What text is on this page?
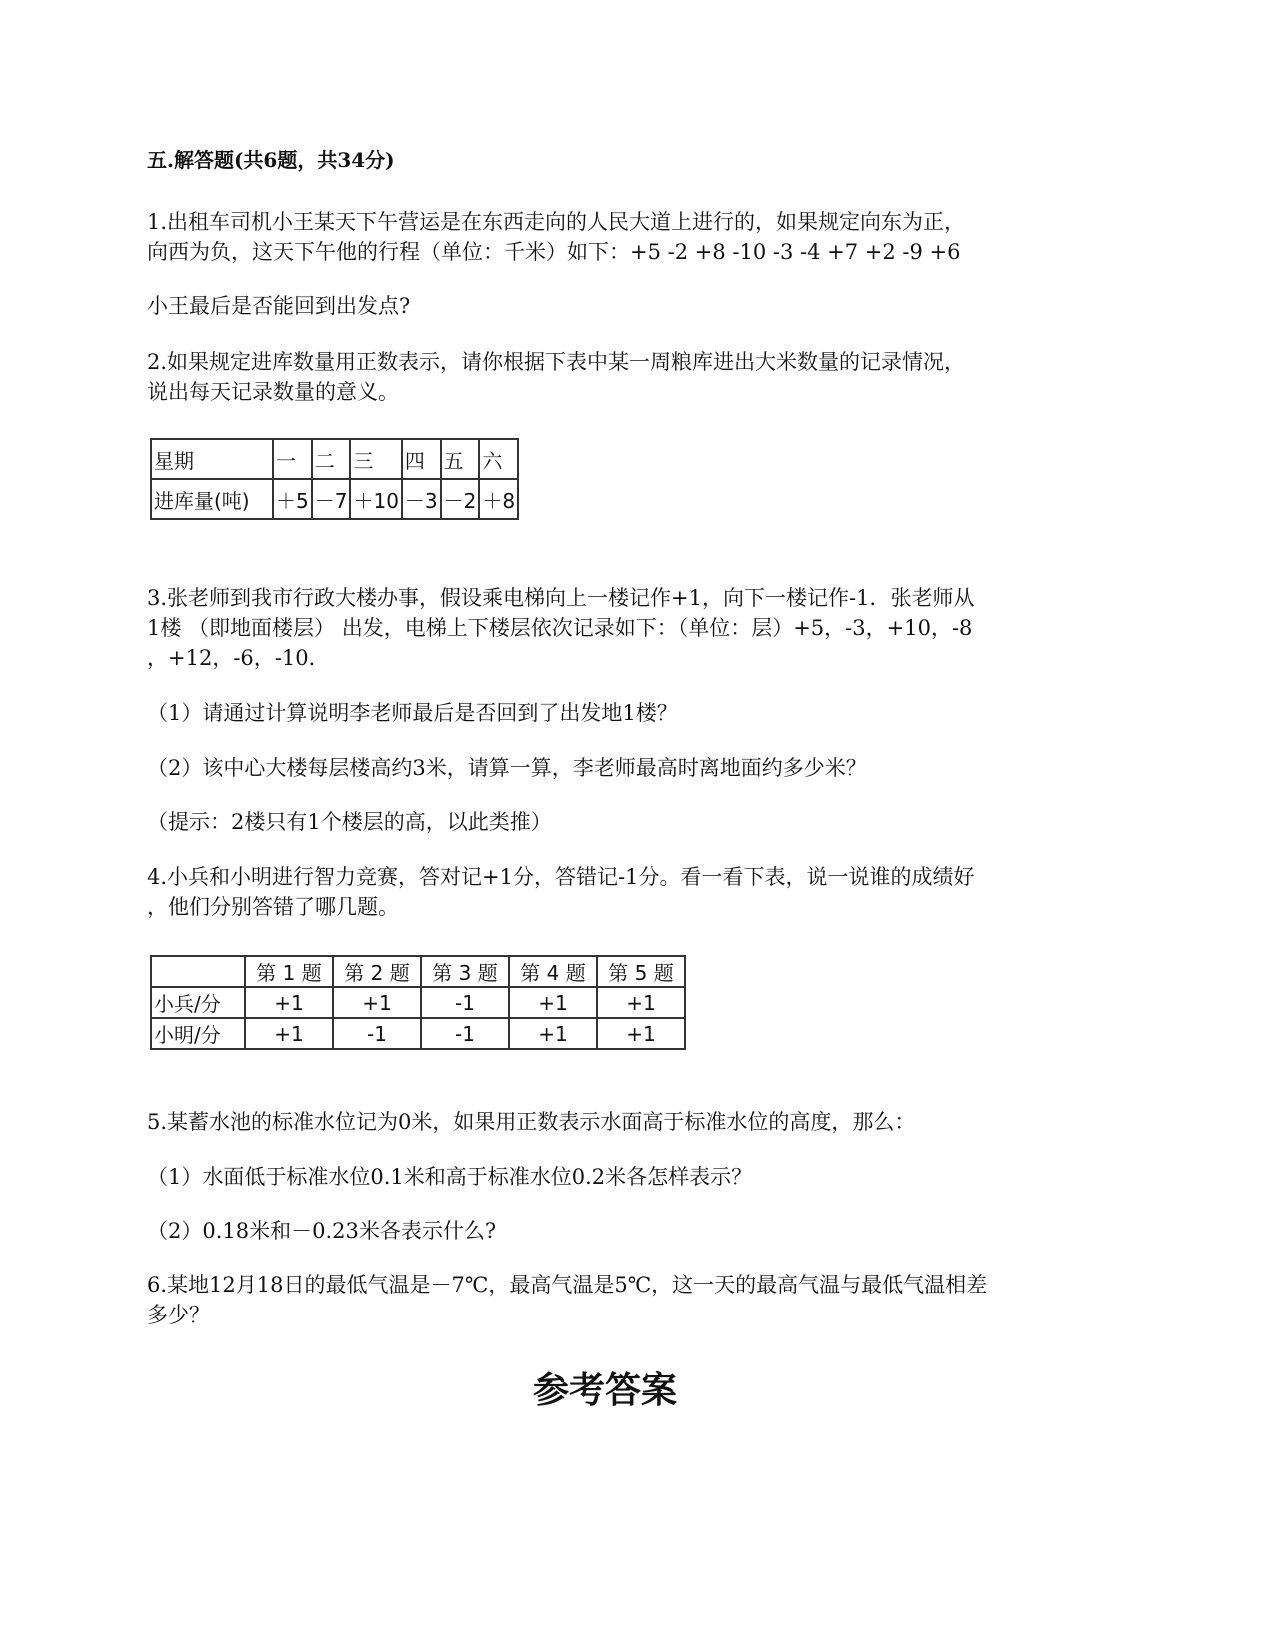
五.解答题(共6题，共34分)
1.出租车司机小王某天下午营运是在东西走向的人民大道上进行的，如果规定向东为正，
向西为负，这天下午他的行程（单位：千米）如下：+5 -2 +8 -10 -3 -4 +7 +2 -9 +6
小王最后是否能回到出发点?
2.如果规定进库数量用正数表示，请你根据下表中某一周粮库进出大米数量的记录情况，
说出每天记录数量的意义。
星期	一	二	三	四	五	六
进库量(吨)	＋5	－7	＋10	－3	－2	＋8
3.张老师到我市行政大楼办事，假设乘电梯向上一楼记作+1，向下一楼记作-1．张老师从
1楼 （即地面楼层） 出发，电梯上下楼层依次记录如下：（单位：层）+5，-3，+10，-8
，+12，-6，-10．
（1）请通过计算说明李老师最后是否回到了出发地1楼？
（2）该中心大楼每层楼高约3米，请算一算，李老师最高时离地面约多少米？
（提示：2楼只有1个楼层的高，以此类推）
4.小兵和小明进行智力竞赛，答对记+1分，答错记-1分。看一看下表，说一说谁的成绩好
，他们分别答错了哪几题。
	第 1 题	第 2 题	第 3 题	第 4 题	第 5 题
小兵/分	+1	+1	-1	+1	+1
小明/分	+1	-1	-1	+1	+1
5.某蓄水池的标准水位记为0米，如果用正数表示水面高于标准水位的高度，那么：
（1）水面低于标准水位0.1米和高于标准水位0.2米各怎样表示？
（2）0.18米和－0.23米各表示什么?
6.某地12月18日的最低气温是－7℃，最高气温是5℃，这一天的最高气温与最低气温相差
多少？
参考答案
